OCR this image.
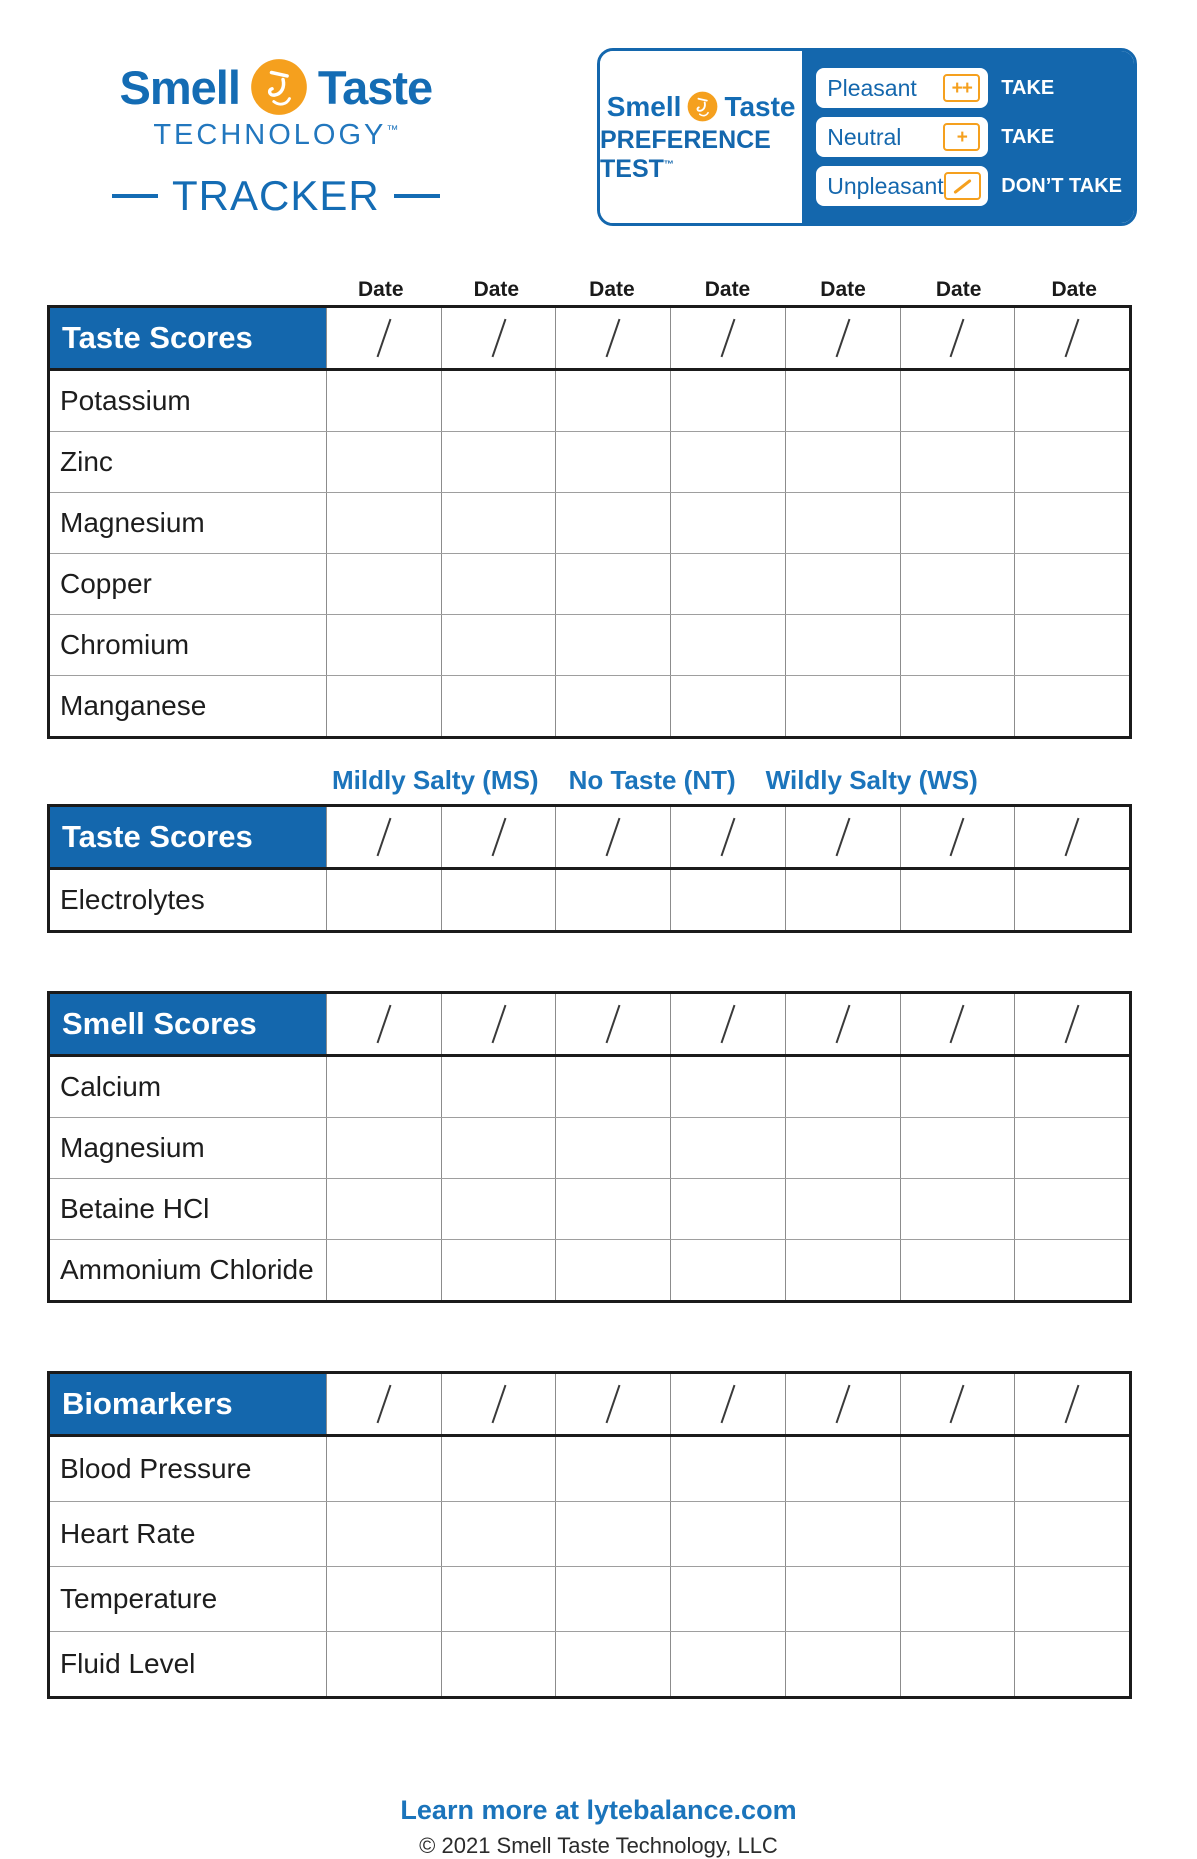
Smell Taste
TECHNOLOGY™
TRACKER
Smell Taste
PREFERENCE TEST™
Pleasant ++ TAKE
Neutral	+ TAKE
Unpleasant	DON’T TAKE
Date	Date	Date	Date	Date	Date	Date
Taste Scores
Potassium
Zinc
Magnesium
Copper
Chromium
Manganese
Mildly Salty (MS) No Taste (NT) Wildly Salty (WS)
Taste Scores
Electrolytes
Smell Scores
Calcium
Magnesium
Betaine HCl
Ammonium Chloride
Biomarkers
Blood Pressure
Heart Rate
Temperature
Fluid Level
Learn more at lytebalance.com
© 2021 Smell Taste Technology, LLC
